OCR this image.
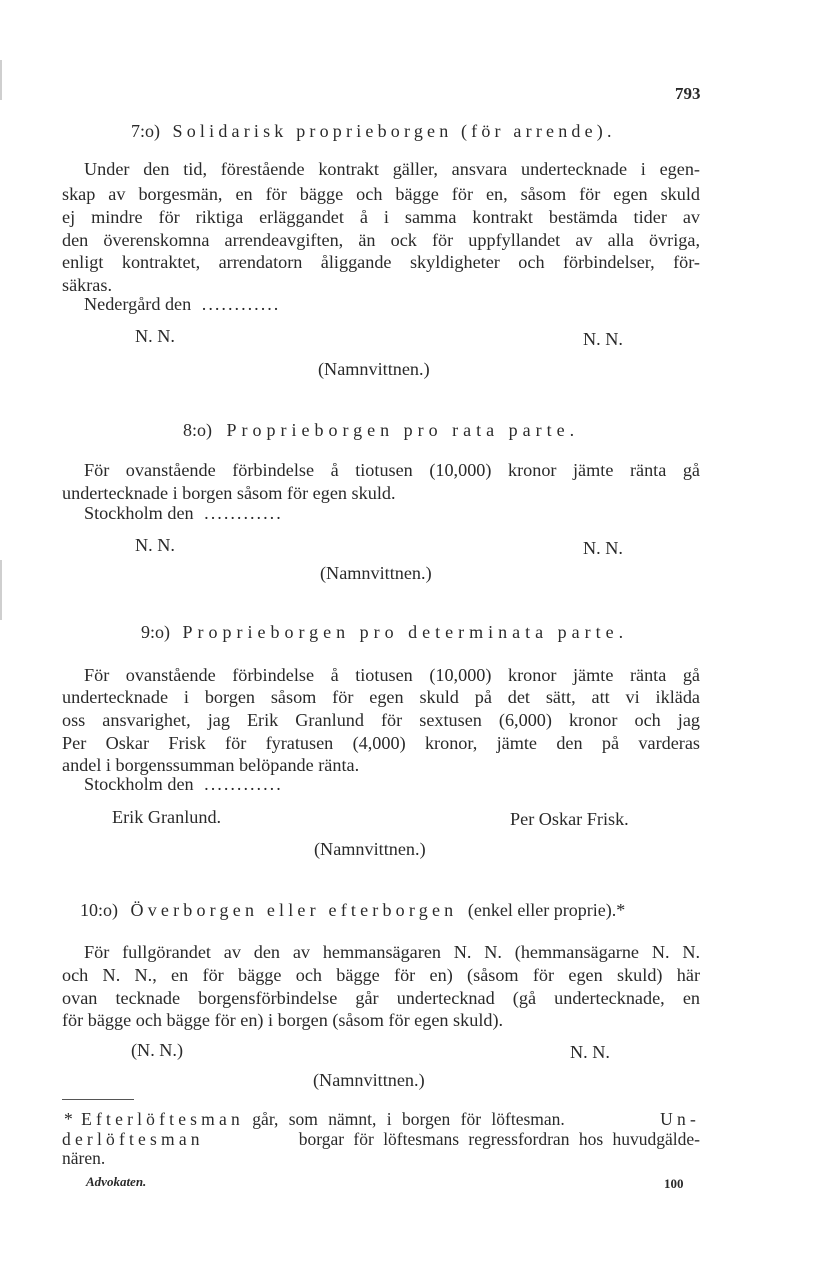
793
7:o) Solidarisk proprieborgen (för arrende).
Under den tid, förestående kontrakt gäller, ansvara undertecknade i egen-
skap av borgesmän, en för bägge och bägge för en, såsom för egen skuld
ej mindre för riktiga erläggandet å i samma kontrakt bestämda tider av
den överenskomna arrendeavgiften, än ock för uppfyllandet av alla övriga,
enligt kontraktet, arrendatorn åliggande skyldigheter och förbindelser, för-
säkras.
Nedergård den ............
N. N.	N. N.
(Namnvittnen.)
8:o) Proprieborgen pro rata parte.
För ovanstående förbindelse å tiotusen (10,000) kronor jämte ränta gå
undertecknade i borgen såsom för egen skuld.
Stockholm den ............
N. N.	N. N.
(Namnvittnen.)
9:o) Proprieborgen pro determinata parte.
För ovanstående förbindelse å tiotusen (10,000) kronor jämte ränta gå
undertecknade i borgen såsom för egen skuld på det sätt, att vi ikläda
oss ansvarighet, jag Erik Granlund för sextusen (6,000) kronor och jag
Per Oskar Frisk för fyratusen (4,000) kronor, jämte den på varderas
andel i borgenssumman belöpande ränta.
Stockholm den ............
Erik Granlund.	Per Oskar Frisk.
(Namnvittnen.)
10:o) Överborgen eller efterborgen (enkel eller proprie).*
För fullgörandet av den av hemmansägaren N. N. (hemmansägarne N. N.
och N. N., en för bägge och bägge för en) (såsom för egen skuld) här
ovan tecknade borgensförbindelse går undertecknad (gå undertecknade, en
för bägge och bägge för en) i borgen (såsom för egen skuld).
(N. N.)	N. N.
(Namnvittnen.)
* Efterlöftesman går, som nämnt, i borgen för löftesman.	Un-
derlöftesman	borgar för löftesmans regressfordran hos huvudgälde-
nären.
Advokaten.	100
